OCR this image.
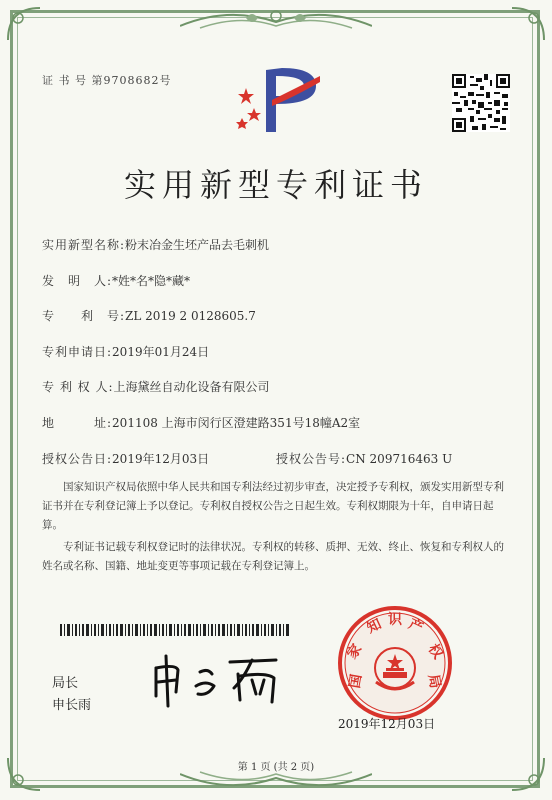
证 书 号 第9708682号
实用新型专利证书
实用新型名称:粉末冶金生坯产品去毛刺机
发　明　人:*姓*名*隐*藏*
专　　利　号:ZL 2019 2 0128605.7
专利申请日:2019年01月24日
专 利 权 人:上海黛丝自动化设备有限公司
地　　　址:201108 上海市闵行区澄建路351号18幢A2室
授权公告日:2019年12月03日	授权公告号:CN 209716463 U
国家知识产权局依照中华人民共和国专利法经过初步审查，决定授予专利权，颁发实用新型专利证书并在专利登记簿上予以登记。专利权自授权公告之日起生效。专利权期限为十年，自申请日起算。
专利证书记载专利权登记时的法律状况。专利权的转移、质押、无效、终止、恢复和专利权人的姓名或名称、国籍、地址变更等事项记载在专利登记簿上。
局长
申长雨
国
家
知 识 产
权
局
2019年12月03日
第 1 页 (共 2 页)
